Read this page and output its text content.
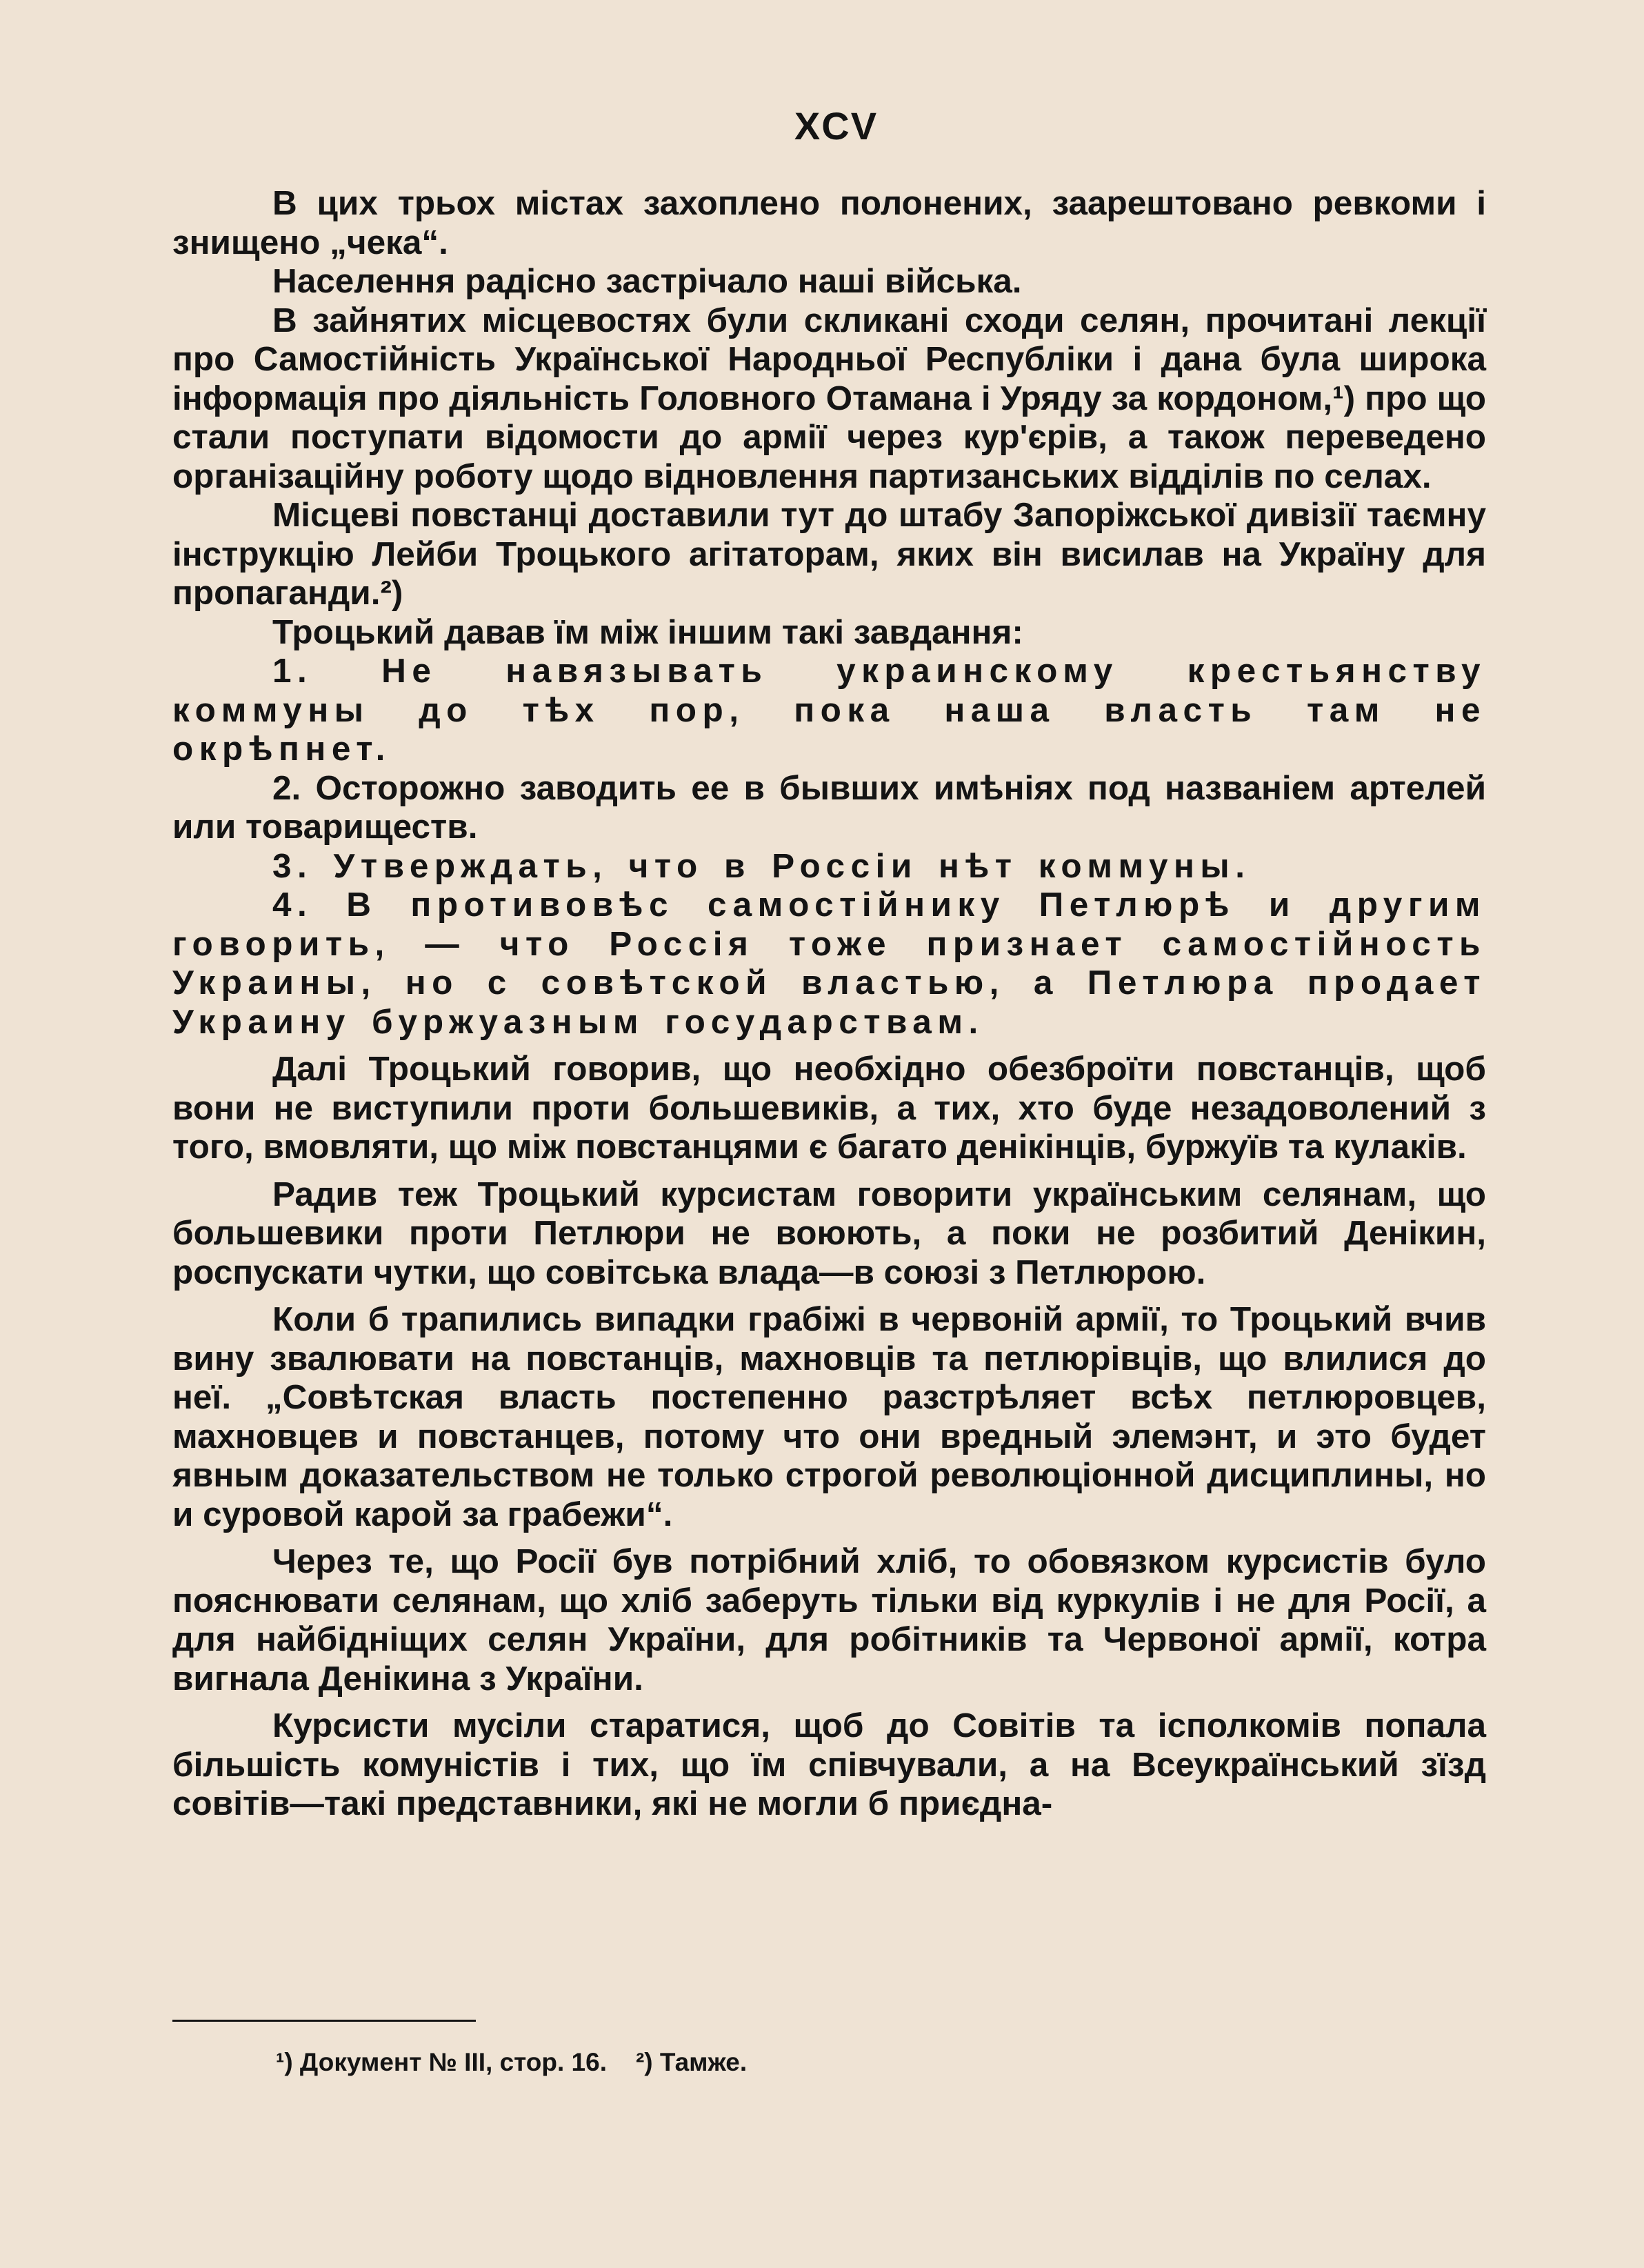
XCV

В цих трьох містах захоплено полонених, заарештовано ревкоми і знищено „чека“.

Населення радісно застрічало наші війська.

В зайнятих місцевостях були скликані сходи селян, прочитані лекції про Самостійність Української Народньої Республіки і дана була широка інформація про діяльність Головного Отамана і Уряду за кордоном,¹) про що стали поступати відомости до армії через кур'єрів, а також переведено організаційну роботу щодо відновлення партизанських відділів по селах.

Місцеві повстанці доставили тут до штабу Запоріжської дивізії таємну інструкцію Лейби Троцького агітаторам, яких він висилав на Україну для пропаганди.²)

Троцький давав їм між іншим такі завдання:

1. Не навязывать украинскому крестьянству коммуны до тѣх пор, пока наша власть там не окрѣпнет.

2. Осторожно заводить ее в бывших имѣніях под названіем артелей или товариществ.

3. Утверждать, что в Россіи нѣт коммуны.

4. В противовѣс самостійнику Петлюрѣ и другим говорить, — что Россія тоже признает самостійность Украины, но с совѣтской властью, а Петлюра продает Украину буржуазным государствам.

Далі Троцький говорив, що необхідно обезброїти повстанців, щоб вони не виступили проти большевиків, а тих, хто буде незадоволений з того, вмовляти, що між повстанцями є багато денікінців, буржуїв та кулаків.

Радив теж Троцький курсистам говорити українським селянам, що большевики проти Петлюри не воюють, а поки не розбитий Денікин, роспускати чутки, що совітська влада—в союзі з Петлюрою.

Коли б трапились випадки грабіжі в червоній армії, то Троцький вчив вину звалювати на повстанців, махновців та петлюрівців, що влилися до неї. „Совѣтская власть постепенно разстрѣляет всѣх петлюровцев, махновцев и повстанцев, потому что они вредный элемэнт, и это будет явным доказательством не только строгой революціонной дисциплины, но и суровой карой за грабежи“.

Через те, що Росії був потрібний хліб, то обовязком курсистів було пояснювати селянам, що хліб заберуть тільки від куркулів і не для Росії, а для найбідніщих селян України, для робітників та Червоної армії, котра вигнала Денікина з України.

Курсисти мусіли старатися, щоб до Совітів та іcполкомів попала більшість комуністів і тих, що їм співчували, а на Всеукраїнський зїзд совітів—такі представники, які не могли б приєдна-

¹) Документ № III, стор. 16. ²) Тамже.
